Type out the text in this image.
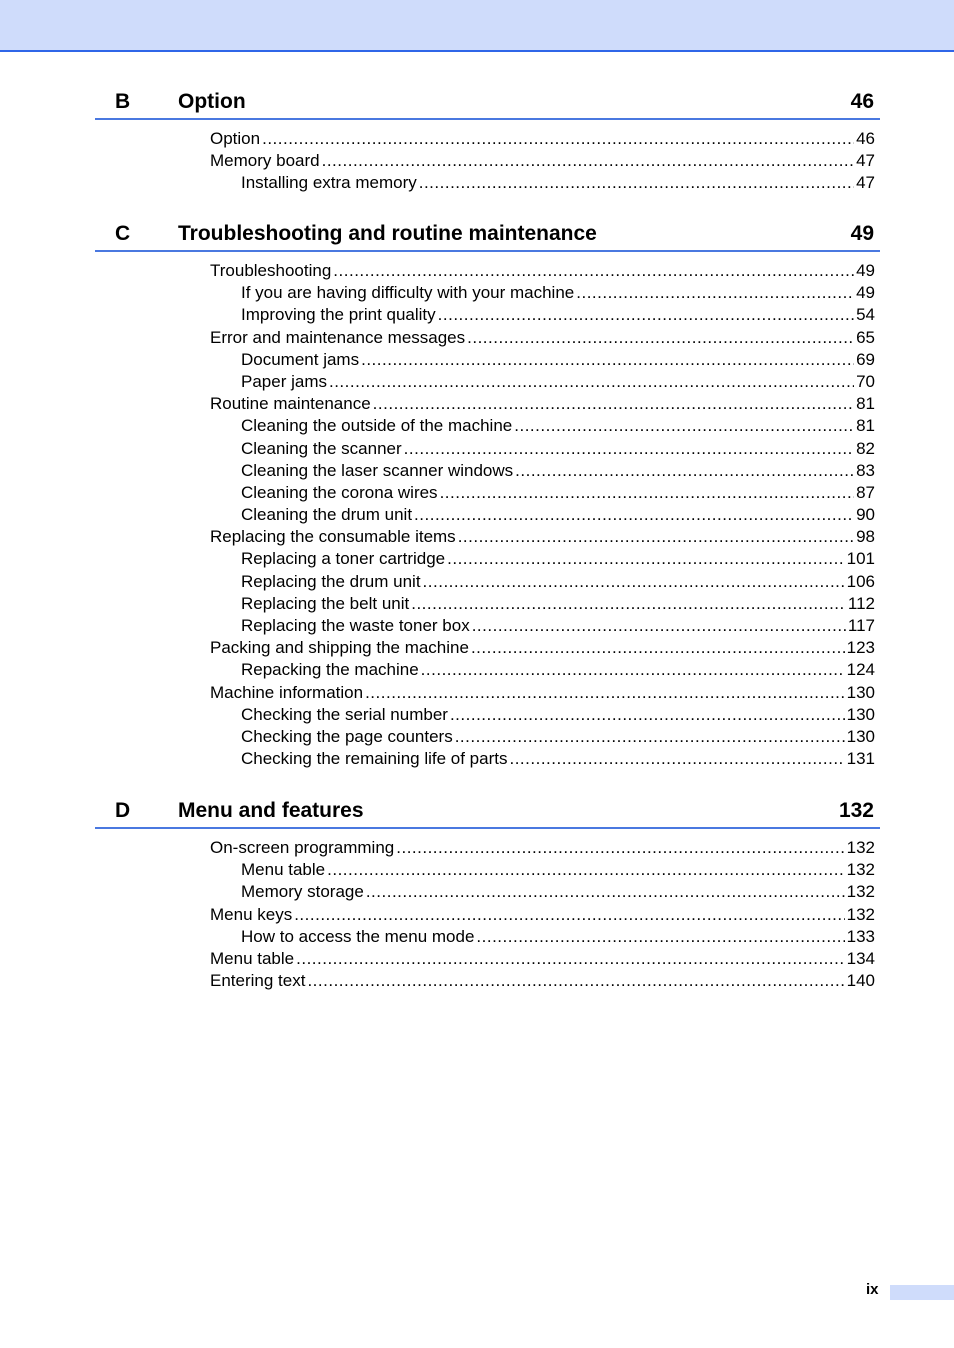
B Option	46
Option .....	46
Memory board .....	47
Installing extra memory .....	47
C Troubleshooting and routine maintenance	49
Troubleshooting .....	49
If you are having difficulty with your machine .....	49
Improving the print quality .....	54
Error and maintenance messages .....	65
Document jams .....	69
Paper jams .....	70
Routine maintenance .....	81
Cleaning the outside of the machine .....	81
Cleaning the scanner .....	82
Cleaning the laser scanner windows .....	83
Cleaning the corona wires .....	87
Cleaning the drum unit .....	90
Replacing the consumable items .....	98
Replacing a toner cartridge .....	101
Replacing the drum unit .....	106
Replacing the belt unit .....	112
Replacing the waste toner box .....	117
Packing and shipping the machine .....	123
Repacking the machine .....	124
Machine information .....	130
Checking the serial number .....	130
Checking the page counters .....	130
Checking the remaining life of parts .....	131
D Menu and features	132
On-screen programming .....	132
Menu table .....	132
Memory storage .....	132
Menu keys .....	132
How to access the menu mode .....	133
Menu table .....	134
Entering text .....	140
ix
